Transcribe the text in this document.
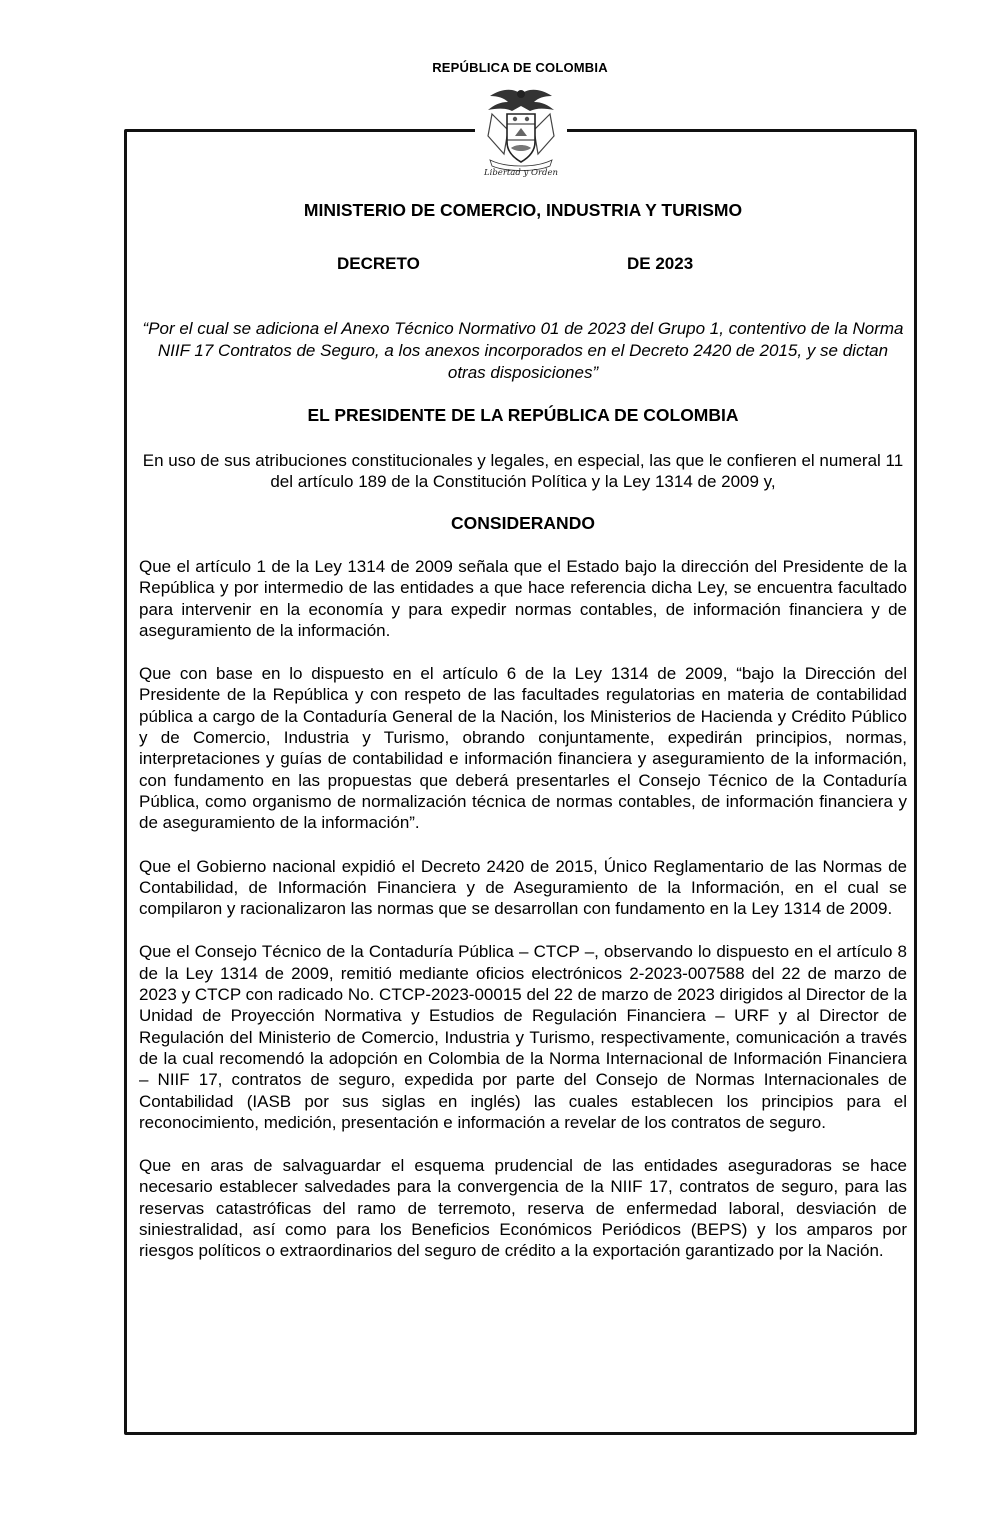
REPÚBLICA DE COLOMBIA
Libertad y Orden
MINISTERIO DE COMERCIO, INDUSTRIA Y TURISMO
DECRETO	DE 2023
“Por el cual se adiciona el Anexo Técnico Normativo 01 de 2023 del Grupo 1, contentivo de la Norma NIIF 17 Contratos de Seguro, a los anexos incorporados en el Decreto 2420 de 2015, y se dictan otras disposiciones”
EL PRESIDENTE DE LA REPÚBLICA DE COLOMBIA
En uso de sus atribuciones constitucionales y legales, en especial, las que le confieren el numeral 11 del artículo 189 de la Constitución Política y la Ley 1314 de 2009 y,
CONSIDERANDO

Que el artículo 1 de la Ley 1314 de 2009 señala que el Estado bajo la dirección del Presidente de la República y por intermedio de las entidades a que hace referencia dicha Ley, se encuentra facultado para intervenir en la economía y para expedir normas contables, de información financiera y de aseguramiento de la información.

Que con base en lo dispuesto en el artículo 6 de la Ley 1314 de 2009, “bajo la Dirección del Presidente de la República y con respeto de las facultades regulatorias en materia de contabilidad pública a cargo de la Contaduría General de la Nación, los Ministerios de Hacienda y Crédito Público y de Comercio, Industria y Turismo, obrando conjuntamente, expedirán principios, normas, interpretaciones y guías de contabilidad e información financiera y aseguramiento de la información, con fundamento en las propuestas que deberá presentarles el Consejo Técnico de la Contaduría Pública, como organismo de normalización técnica de normas contables, de información financiera y de aseguramiento de la información”.

Que el Gobierno nacional expidió el Decreto 2420 de 2015, Único Reglamentario de las Normas de Contabilidad, de Información Financiera y de Aseguramiento de la Información, en el cual se compilaron y racionalizaron las normas que se desarrollan con fundamento en la Ley 1314 de 2009.

Que el Consejo Técnico de la Contaduría Pública – CTCP –, observando lo dispuesto en el artículo 8 de la Ley 1314 de 2009, remitió mediante oficios electrónicos 2-2023-007588 del 22 de marzo de 2023 y CTCP con radicado No. CTCP-2023-00015 del 22 de marzo de 2023 dirigidos al Director de la Unidad de Proyección Normativa y Estudios de Regulación Financiera – URF y al Director de Regulación del Ministerio de Comercio, Industria y Turismo, respectivamente, comunicación a través de la cual recomendó la adopción en Colombia de la Norma Internacional de Información Financiera – NIIF 17, contratos de seguro, expedida por parte del Consejo de Normas Internacionales de Contabilidad (IASB por sus siglas en inglés) las cuales establecen los principios para el reconocimiento, medición, presentación e información a revelar de los contratos de seguro.

Que en aras de salvaguardar el esquema prudencial de las entidades aseguradoras se hace necesario establecer salvedades para la convergencia de la NIIF 17, contratos de seguro, para las reservas catastróficas del ramo de terremoto, reserva de enfermedad laboral, desviación de siniestralidad, así como para los Beneficios Económicos Periódicos (BEPS) y los amparos por riesgos políticos o extraordinarios del seguro de crédito a la exportación garantizado por la Nación.
